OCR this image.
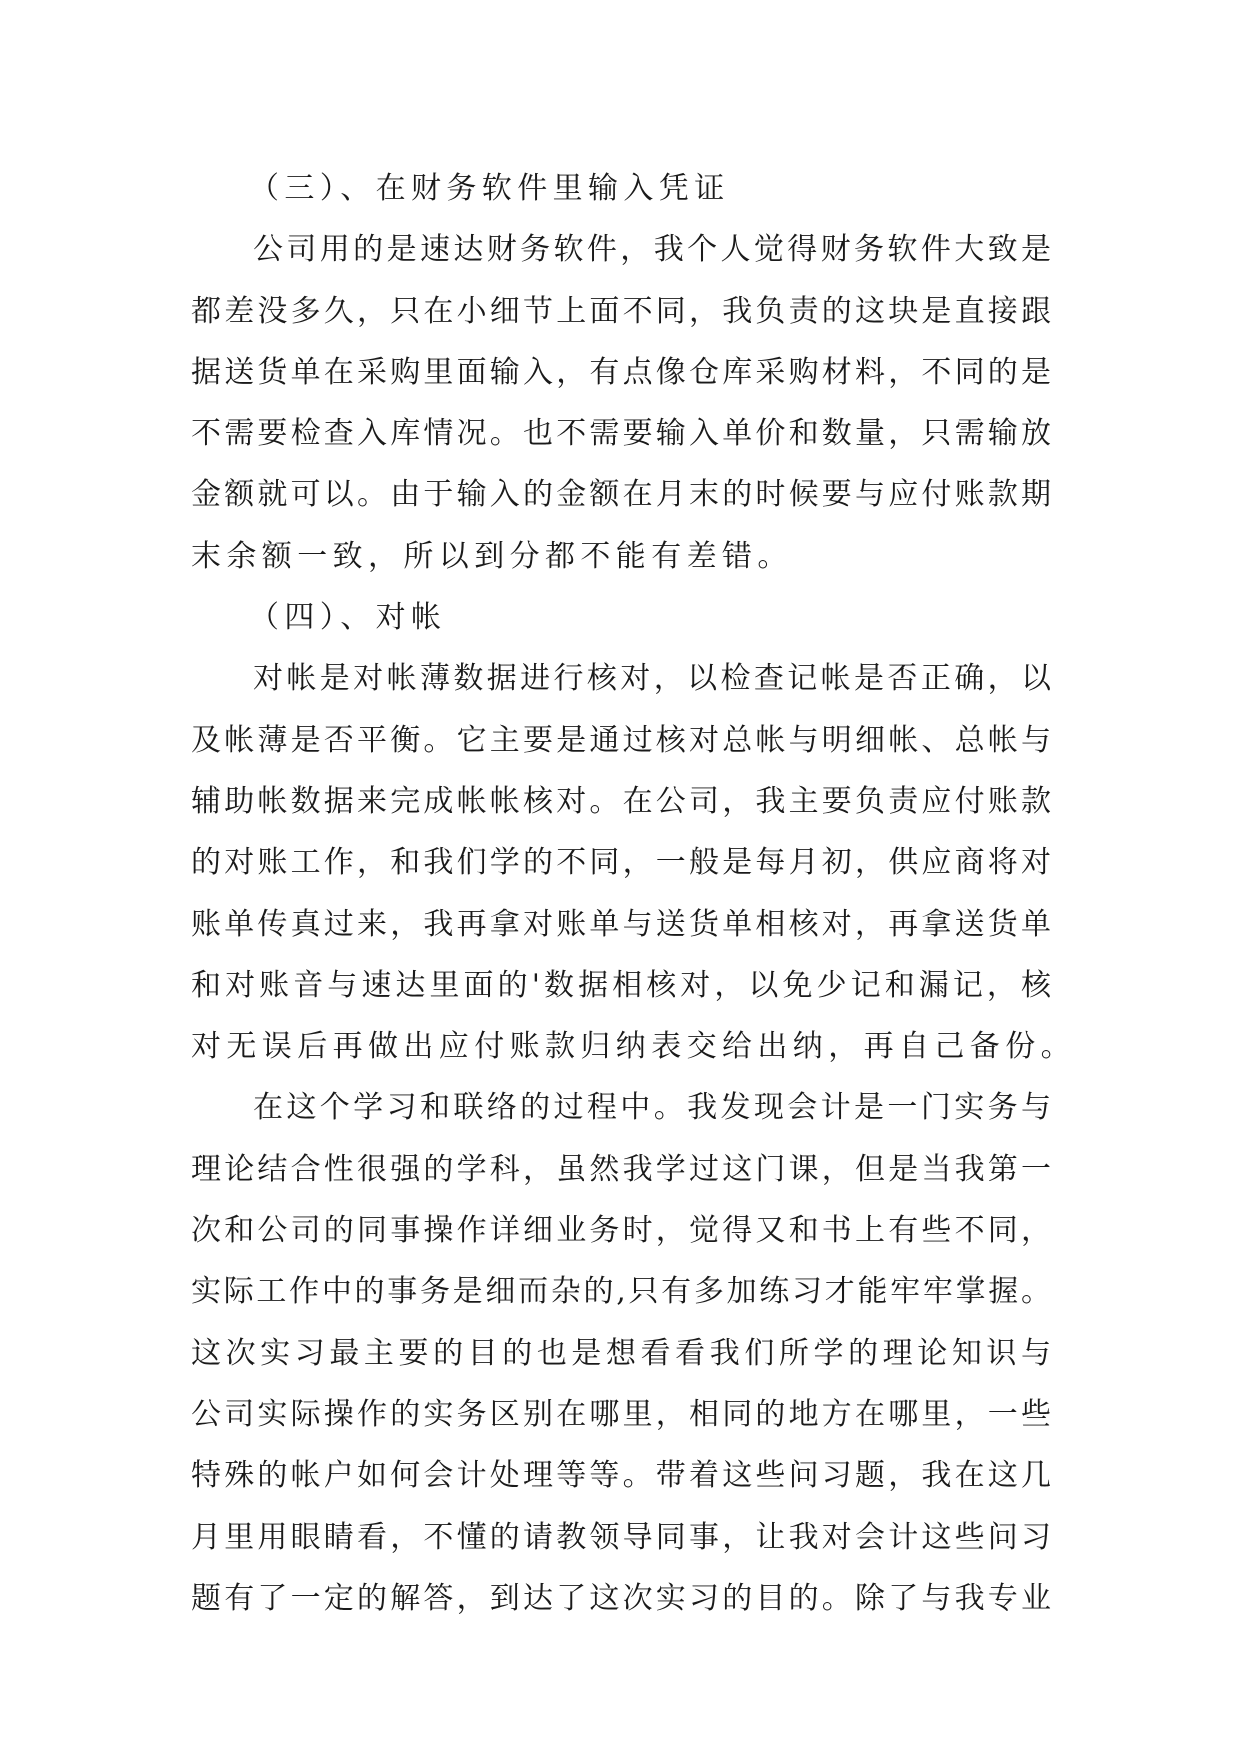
（三）、在财务软件里输入凭证
公司用的是速达财务软件，我个人觉得财务软件大致是
都差没多久，只在小细节上面不同，我负责的这块是直接跟
据送货单在采购里面输入，有点像仓库采购材料，不同的是
不需要检查入库情况。也不需要输入单价和数量，只需输放
金额就可以。由于输入的金额在月末的时候要与应付账款期
末余额一致，所以到分都不能有差错。
（四）、对帐
对帐是对帐薄数据进行核对，以检查记帐是否正确，以
及帐薄是否平衡。它主要是通过核对总帐与明细帐、总帐与
辅助帐数据来完成帐帐核对。在公司，我主要负责应付账款
的对账工作，和我们学的不同，一般是每月初，供应商将对
账单传真过来，我再拿对账单与送货单相核对，再拿送货单
和对账音与速达里面的'数据相核对，以免少记和漏记，核
对无误后再做出应付账款归纳表交给出纳，再自己备份。
在这个学习和联络的过程中。我发现会计是一门实务与
理论结合性很强的学科，虽然我学过这门课，但是当我第一
次和公司的同事操作详细业务时，觉得又和书上有些不同，
实际工作中的事务是细而杂的,只有多加练习才能牢牢掌握。
这次实习最主要的目的也是想看看我们所学的理论知识与
公司实际操作的实务区别在哪里，相同的地方在哪里，一些
特殊的帐户如何会计处理等等。带着这些问习题，我在这几
月里用眼睛看，不懂的请教领导同事，让我对会计这些问习
题有了一定的解答，到达了这次实习的目的。除了与我专业
